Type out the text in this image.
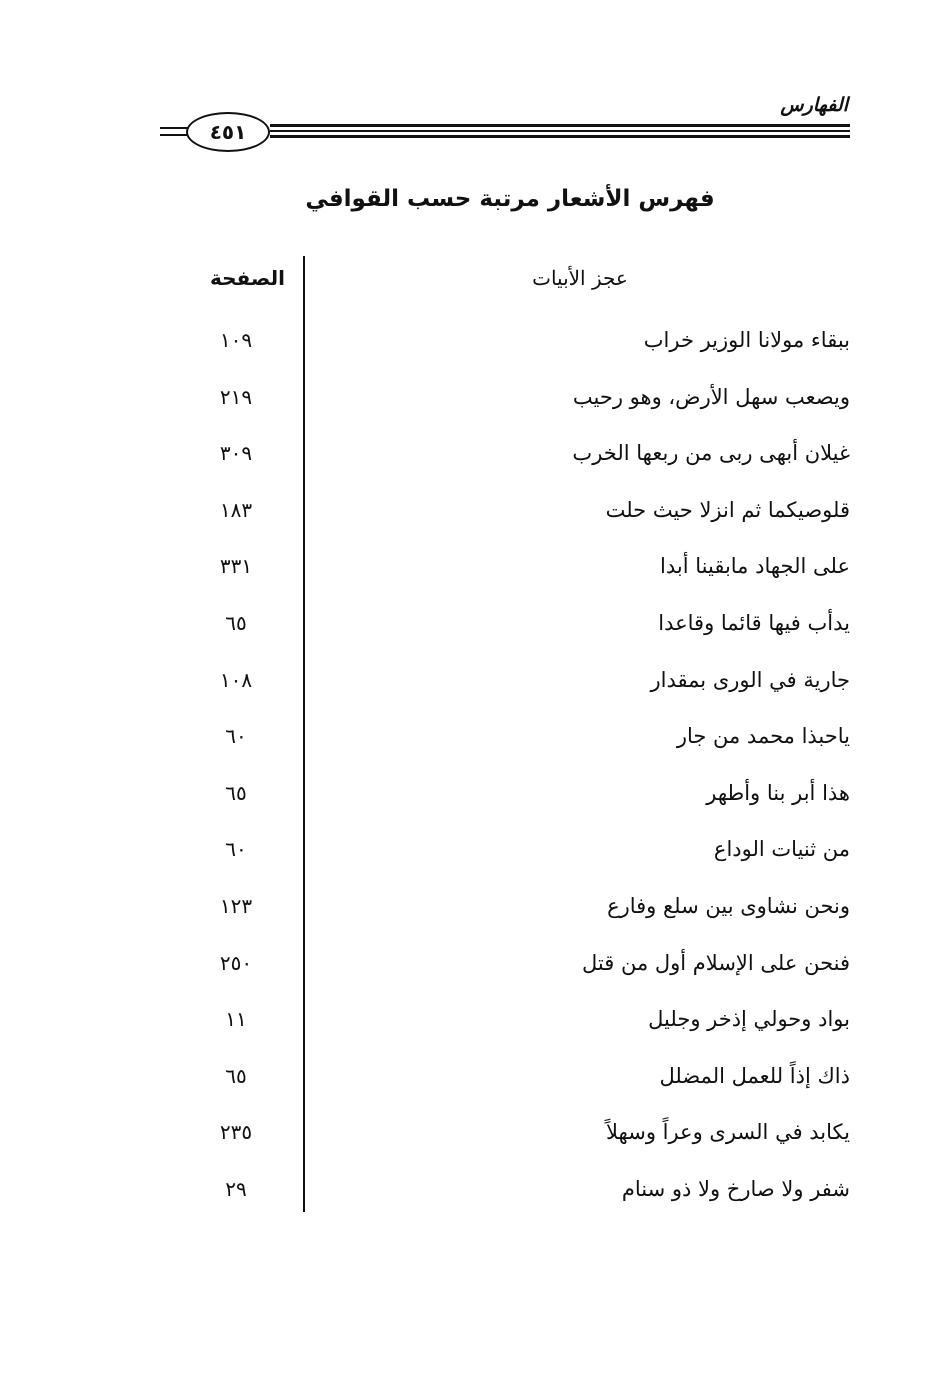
الفهارس
٤٥١
فهرس الأشعار مرتبة حسب القوافي
عجز الأبيات
الصفحة
ببقاء مولانا الوزير خراب
١٠٩
ويصعب سهل الأرض، وهو رحيب
٢١٩
غيلان أبهى ربى من ربعها الخرب
٣٠٩
قلوصيكما ثم انزلا حيث حلت
١٨٣
على الجهاد مابقينا أبدا
٣٣١
يدأب فيها قائما وقاعدا
٦٥
جارية في الورى بمقدار
١٠٨
ياحبذا محمد من جار
٦٠
هذا أبر بنا وأطهر
٦٥
من ثنيات الوداع
٦٠
ونحن نشاوى بين سلع وفارع
١٢٣
فنحن على الإسلام أول من قتل
٢٥٠
بواد وحولي إذخر وجليل
١١
ذاك إذاً للعمل المضلل
٦٥
يكابد في السرى وعراً وسهلاً
٢٣٥
شفر ولا صارخ ولا ذو سنام
٢٩
